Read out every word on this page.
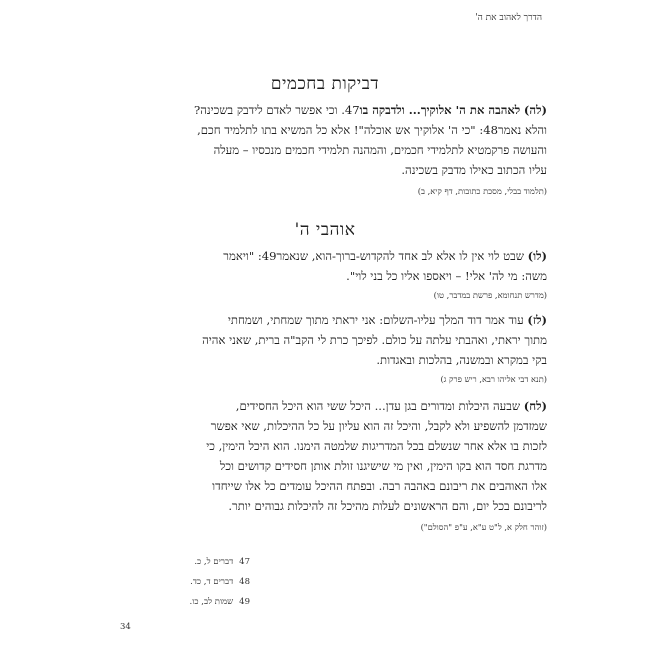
הדרך לאהוב את ה'
דביקות בחכמים
(לה) לאהבה את ה' אלוקיך... ולדבקה בו47. וכי אפשר לאדם לידבק בשכינה?
והלא נאמר48: "כי ה' אלוקיך אש אוכלה"! אלא כל המשיא בתו לתלמיד חכם,
והעושה פרקמטיא לתלמידי חכמים, והמהנה תלמידי חכמים מנכסיו – מעלה
עליו הכתוב כאילו מדבק בשכינה.
(תלמוד בבלי, מסכת כתובות, דף קיא, ב)
אוהבי ה'
(לו) שבט לוי אין לו אלא לב אחד להקדוש-ברוך-הוא, שנאמר49: "ויאמר
משה: מי לה' אלי! – ויאספו אליו כל בני לוי".
(מדרש תנחומא, פרשת במדבר, טו)
(לז) עוד אמר דוד המלך עליו-השלום: אני יראתי מתוך שמחתי, ושמחתי
מתוך יראתי, ואהבתי עלתה על כולם. לפיכך כרת לי הקב"ה ברית, שאני אהיה
בקי במקרא ובמשנה, בהלכות ובאגדות.
(תנא דבי אליהו רבא, ריש פרק ג)
(לח) שבעה היכלות ומדורים בגן עדן... היכל ששי הוא היכל החסידים,
שמזדמן להשפיע ולא לקבל, והיכל זה הוא עליון על כל ההיכלות, שאי אפשר
לזכות בו אלא אחר שנשלם בכל המדריגות שלמטה הימנו. הוא היכל הימין, כי
מדרגת חסד הוא בקו הימין, ואין מי שישיגנו זולת אותן חסידים קדושים וכל
אלו האוהבים את ריבונם באהבה רבה. ובפתח ההיכל עומדים כל אלו שייחדו
לריבונם בכל יום, והם הראשונים לעלות מהיכל זה להיכלות גבוהים יותר.
(זוהר חלק א, ל"ט ע"א, ע"פ "הסולם")
47דברים ל, כ.
48דברים ד, כד.
49שמות לב, כו.
34
